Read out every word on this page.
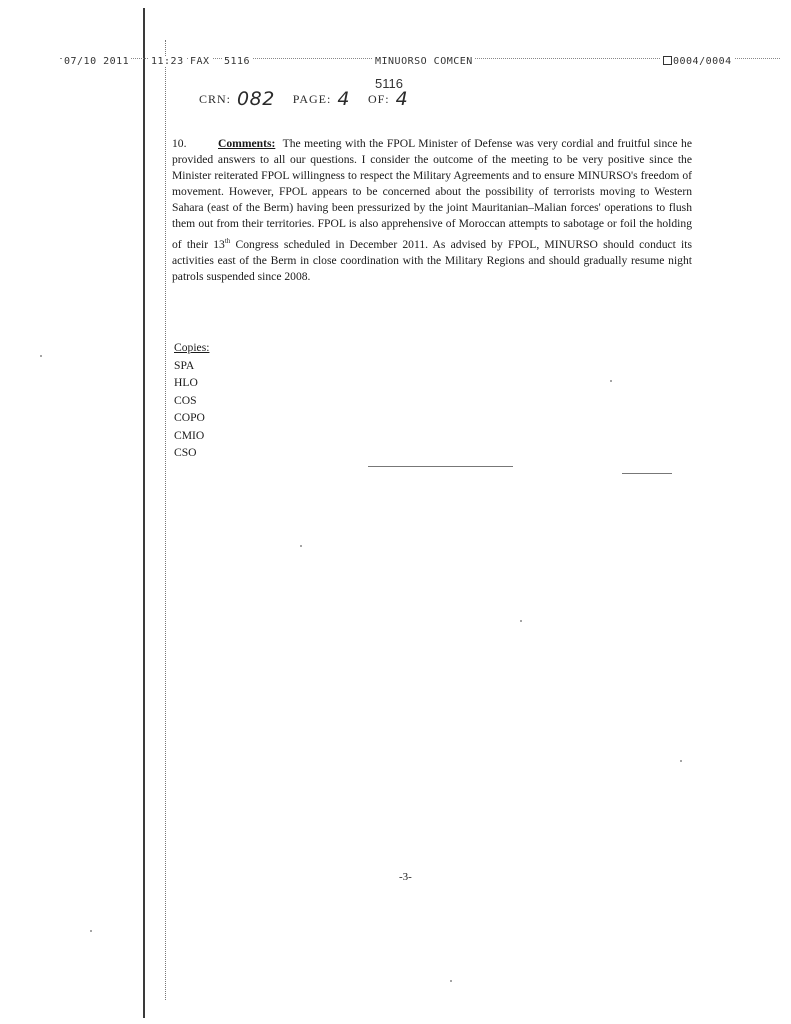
07/10 2011 11:23 FAX 5116	MINUORSO COMCEN	0004/0004
5116
CRN: 082 PAGE: 4 OF: 4
10.	Comments: The meeting with the FPOL Minister of Defense was very cordial and fruitful since he provided answers to all our questions. I consider the outcome of the meeting to be very positive since the Minister reiterated FPOL willingness to respect the Military Agreements and to ensure MINURSO's freedom of movement. However, FPOL appears to be concerned about the possibility of terrorists moving to Western Sahara (east of the Berm) having been pressurized by the joint Mauritanian–Malian forces' operations to flush them out from their territories. FPOL is also apprehensive of Moroccan attempts to sabotage or foil the holding of their 13th Congress scheduled in December 2011. As advised by FPOL, MINURSO should conduct its activities east of the Berm in close coordination with the Military Regions and should gradually resume night patrols suspended since 2008.
Copies:
SPA
HLO
COS
COPO
CMIO
CSO
-3-
